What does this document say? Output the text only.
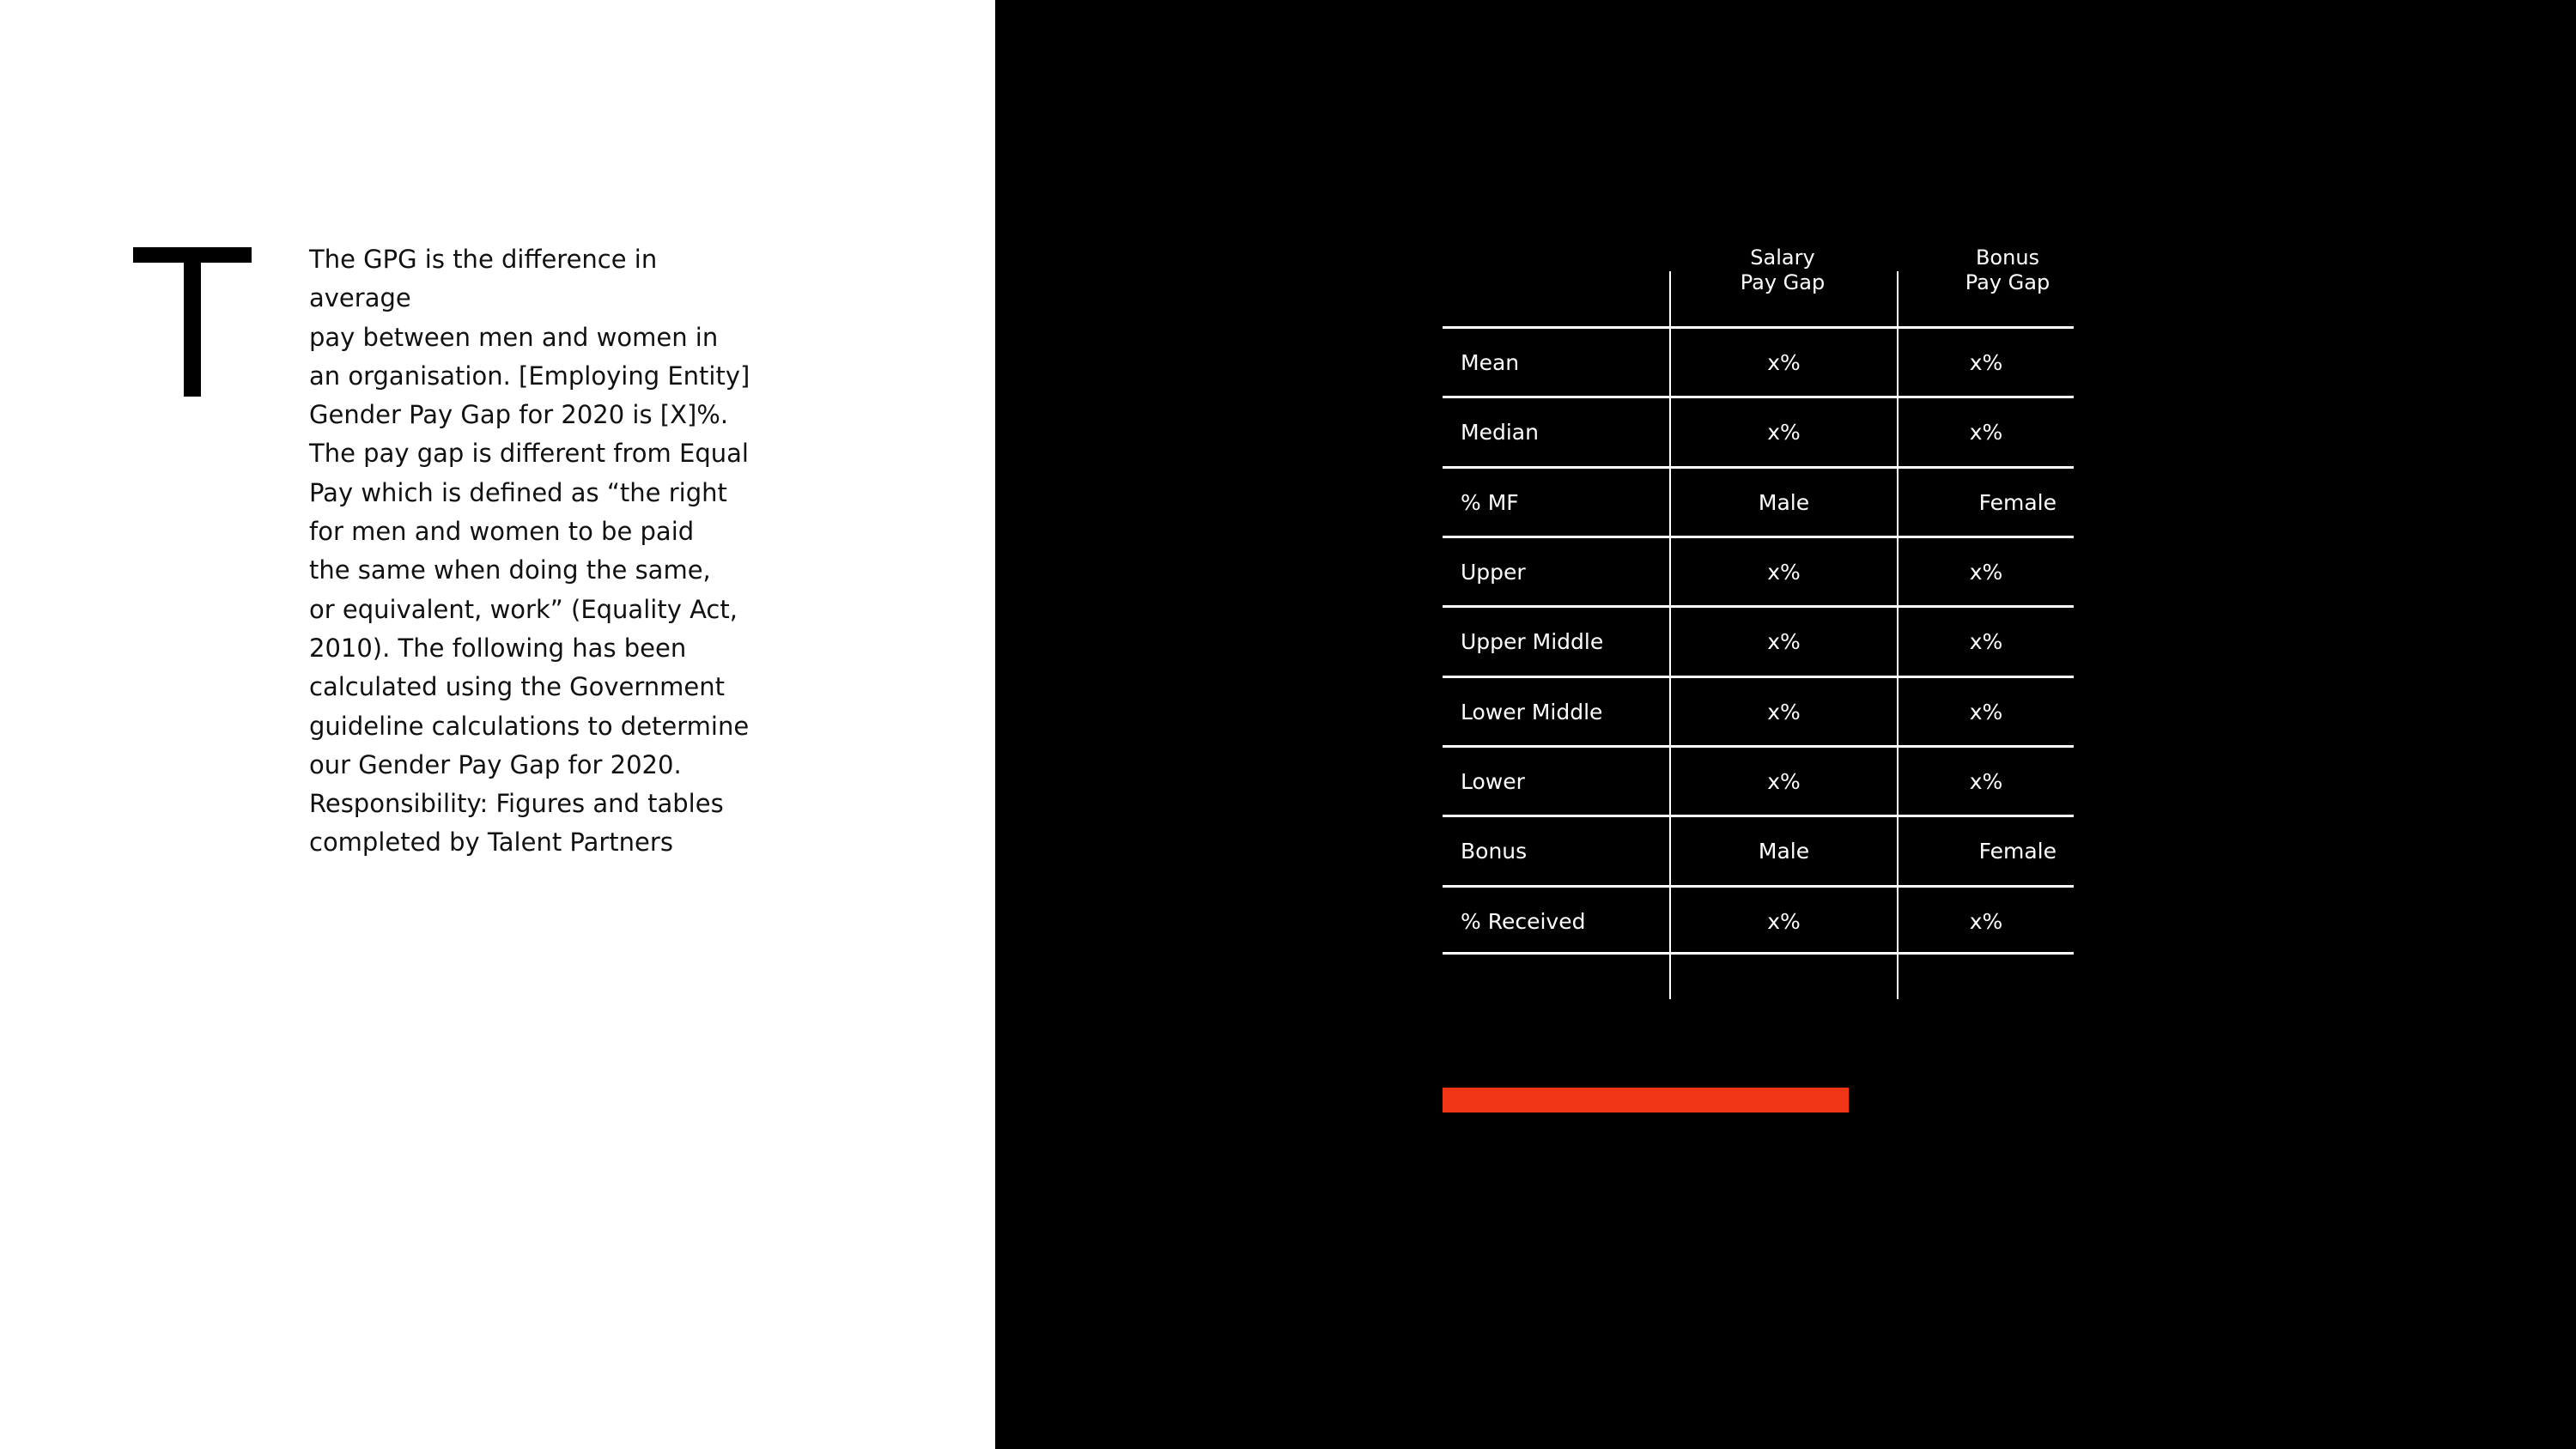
The GPG is the difference in average
pay between men and women in
an organisation. [Employing Entity]
Gender Pay Gap for 2020 is [X]%.
The pay gap is different from Equal
Pay which is defined as “the right
for men and women to be paid
the same when doing the same,
or equivalent, work” (Equality Act,
2010). The following has been
calculated using the Government
guideline calculations to determine
our Gender Pay Gap for 2020.
Responsibility: Figures and tables
completed by Talent Partners

Salary
Pay Gap
Bonus
Pay Gap
Mean	x%	x%
Median	x%	x%
% MF	Male	Female
Upper	x%	x%
Upper Middle	x%	x%
Lower Middle	x%	x%
Lower	x%	x%
Bonus	Male	Female
% Received	x%	x%
